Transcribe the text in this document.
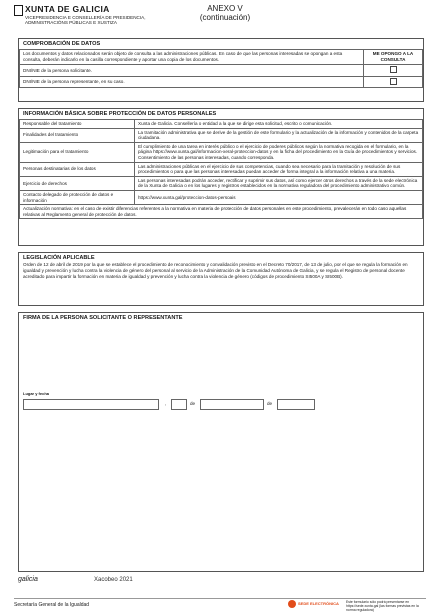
XUNTA DE GALICIA
VICEPRESIDENCIA E CONSELLERÍA DE PRESIDENCIA,
ADMINISTRACIÓNS PÚBLICAS E XUSTIZA
ANEXO V
(continuación)
COMPROBACIÓN DE DATOS
Los documentos y datos relacionados serán objeto de consulta a las administraciones públicas. En caso de que las personas interesadas se opongan a esta consulta, deberán indicarlo en la casilla correspondiente y aportar una copia de los documentos.	ME OPONGO A LA CONSULTA
DNI/NIE de la persona solicitante.	
DNI/NIE de la persona representante, en su caso.	
INFORMACIÓN BÁSICA SOBRE PROTECCIÓN DE DATOS PERSONALES
Responsable del tratamiento	Xunta de Galicia. Consellería o entidad a la que se dirige esta solicitud, escrito o comunicación.
Finalidades del tratamiento	La tramitación administrativa que se derive de la gestión de este formulario y la actualización de la información y contenidos de la carpeta ciudadana.
Legitimación para el tratamiento	El cumplimiento de una tarea en interés público o el ejercicio de poderes públicos según la normativa recogida en el formulario, en la página https://www.xunta.gal/informacion-xeral-proteccion-datos y en la ficha del procedimiento en la Guía de procedimientos y servicios. Consentimiento de las personas interesadas, cuando corresponda.
Personas destinatarias de los datos	Las administraciones públicas en el ejercicio de sus competencias, cuando sea necesario para la tramitación y resolución de sus procedimientos o para que las personas interesadas puedan acceder de forma integral a la información relativa a una materia.
Ejercicio de derechos	Las personas interesadas podrán acceder, rectificar y suprimir sus datos, así como ejercer otros derechos a través de la sede electrónica de la Xunta de Galicia o en los lugares y registros establecidos en la normativa reguladora del procedimiento administrativo común.
Contacto delegado de protección de datos e información	https://www.xunta.gal/proteccion-datos-persoais
Actualización normativa: en el caso de existir diferencias referentes a la normativa en materia de protección de datos personales en este procedimiento, prevalecerán en todo caso aquellas relativas al Reglamento general de protección de datos.	
LEGISLACIÓN APLICABLE
Orden de 12 de abril de 2019 por la que se establece el procedimiento de reconocimiento y convalidación previsto en el Decreto 70/2017, de 13 de julio, por el que se regula la formación en igualdad y prevención y lucha contra la violencia de género del personal al servicio de la Administración de la Comunidad Autónoma de Galicia, y se regula el Registro de personal docente acreditado para impartir la formación en materia de igualdad y prevención y lucha contra la violencia de género (códigos de procedimiento SI500A y SI500B).
FIRMA DE LA PERSONA SOLICITANTE O REPRESENTANTE
Lugar y fecha
,	de	de
galicia	Xacobeo 2021
Secretaría General de la Igualdad	SEDE ELECTRÓNICA Este formulario sólo podrá presentarse en https://sede.xunta.gal (las formas previstas en la norma reguladora)
